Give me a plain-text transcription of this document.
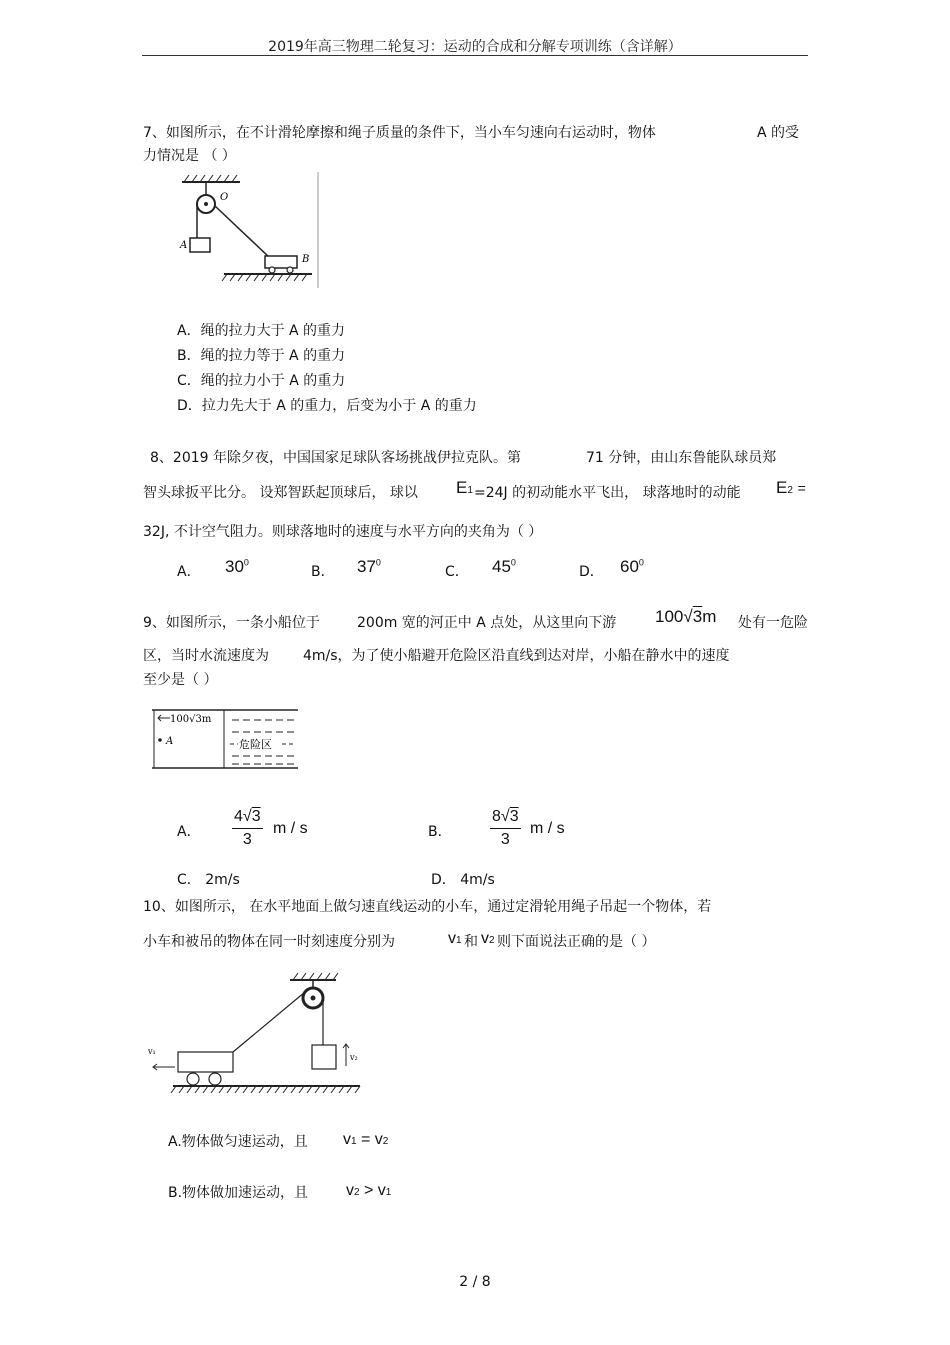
2019年高三物理二轮复习：运动的合成和分解专项训练（含详解）
7、如图所示，在不计滑轮摩擦和绳子质量的条件下，当小车匀速向右运动时，物体	A 的受
力情况是 （ ）
O
A
B
A．绳的拉力大于 A 的重力
B．绳的拉力等于 A 的重力
C．绳的拉力小于 A 的重力
D．拉力先大于 A 的重力，后变为小于 A 的重力
8、2019 年除夕夜，中国国家足球队客场挑战伊拉克队。第	71 分钟，由山东鲁能队球员郑
智头球扳平比分。 设郑智跃起顶球后， 球以 E1 =24J 的初动能水平飞出， 球落地时的动能 E2 =
32J, 不计空气阻力。则球落地时的速度与水平方向的夹角为（ ）
A． $30^0$
B． $37^0$
C． $45^0$
D． $60^0$
9、如图所示，一条小船位于	200m 宽的河正中 A 点处，从这里向下游 100√3m 处有一危险
区，当时水流速度为 4m/s，为了使小船避开危险区沿直线到达对岸，小船在静水中的速度
至少是（ ）
100√3m
A	危险区
A．
4√3
3
m / s	B．
8√3
3
m / s
C． 2m/s	D． 4m/s
10、如图所示， 在水平地面上做匀速直线运动的小车，通过定滑轮用绳子吊起一个物体，若
小车和被吊的物体在同一时刻速度分别为	v1 和 v2 则下面说法正确的是（ ）
v₂
v₁
A.物体做匀速运动，且 v1 = v2
B.物体做加速运动，且 v2 > v1
2 / 8
